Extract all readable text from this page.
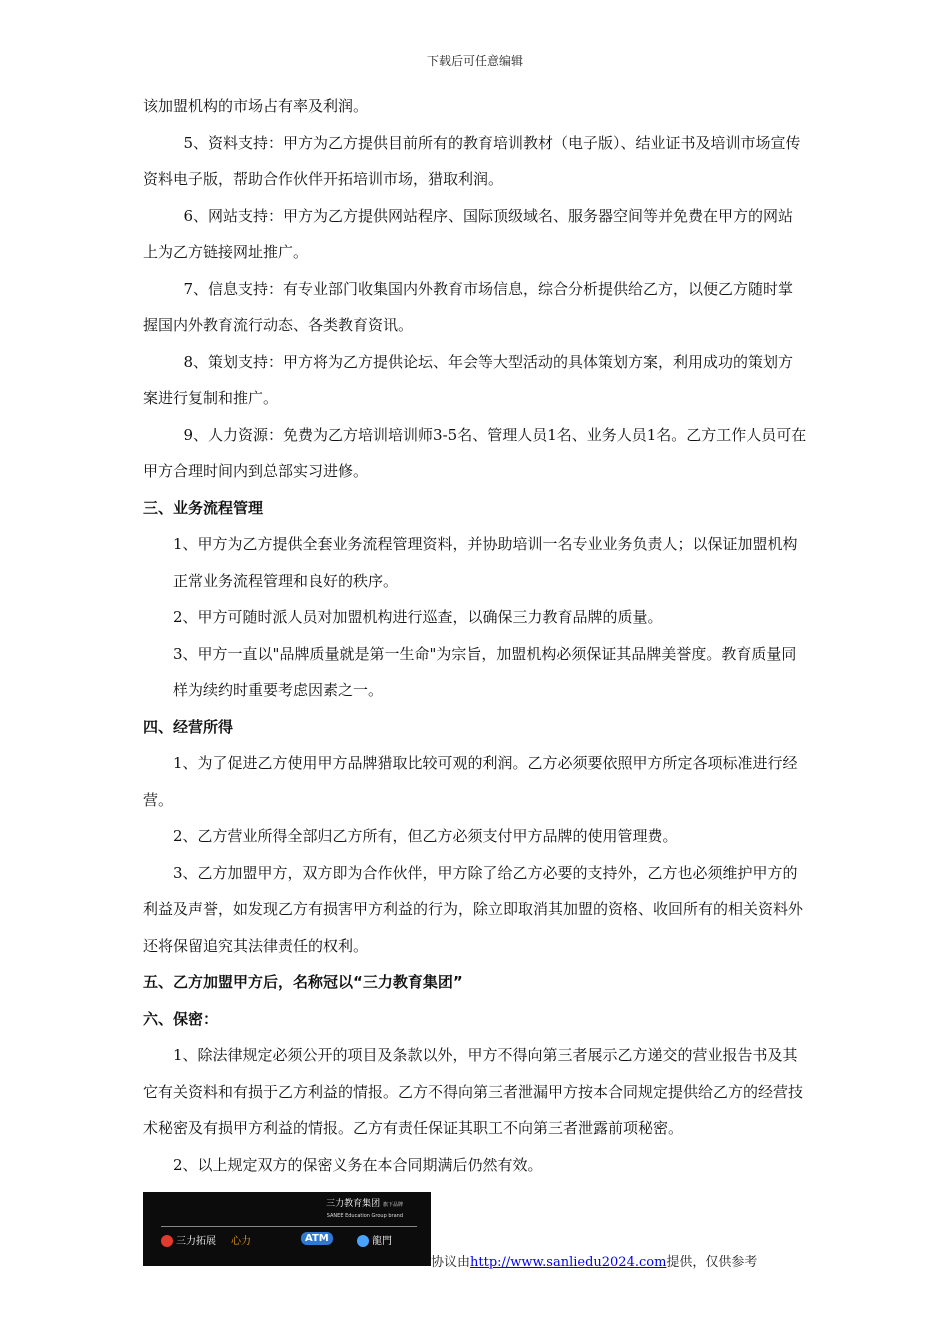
下载后可任意编辑

该加盟机构的市场占有率及利润。

5、资料支持：甲方为乙方提供目前所有的教育培训教材（电子版）、结业证书及培训市场宣传资料电子版，帮助合作伙伴开拓培训市场，猎取利润。

6、网站支持：甲方为乙方提供网站程序、国际顶级域名、服务器空间等并免费在甲方的网站上为乙方链接网址推广。

7、信息支持：有专业部门收集国内外教育市场信息，综合分析提供给乙方，以便乙方随时掌握国内外教育流行动态、各类教育资讯。

8、策划支持：甲方将为乙方提供论坛、年会等大型活动的具体策划方案，利用成功的策划方案进行复制和推广。

9、人力资源：免费为乙方培训培训师3-5名、管理人员1名、业务人员1名。乙方工作人员可在甲方合理时间内到总部实习进修。

三、业务流程管理

1、甲方为乙方提供全套业务流程管理资料，并协助培训一名专业业务负责人；以保证加盟机构正常业务流程管理和良好的秩序。

2、甲方可随时派人员对加盟机构进行巡查，以确保三力教育品牌的质量。

3、甲方一直以"品牌质量就是第一生命"为宗旨，加盟机构必须保证其品牌美誉度。教育质量同样为续约时重要考虑因素之一。

四、经营所得

1、为了促进乙方使用甲方品牌猎取比较可观的利润。乙方必须要依照甲方所定各项标准进行经营。

2、乙方营业所得全部归乙方所有，但乙方必须支付甲方品牌的使用管理费。

3、乙方加盟甲方，双方即为合作伙伴，甲方除了给乙方必要的支持外，乙方也必须维护甲方的利益及声誉，如发现乙方有损害甲方利益的行为，除立即取消其加盟的资格、收回所有的相关资料外还将保留追究其法律责任的权利。

五、乙方加盟甲方后，名称冠以“三力教育集团”

六、保密：

1、除法律规定必须公开的项目及条款以外，甲方不得向第三者展示乙方递交的营业报告书及其它有关资料和有损于乙方利益的情报。乙方不得向第三者泄漏甲方按本合同规定提供给乙方的经营技术秘密及有损甲方利益的情报。乙方有责任保证其职工不向第三者泄露前项秘密。

2、以上规定双方的保密义务在本合同期满后仍然有效。

三力教育集团 旗下品牌
SANEE Education Group brand
三力拓展 心力	ATM	龍門
协议由http://www.sanliedu2024.com提供，仅供参考
